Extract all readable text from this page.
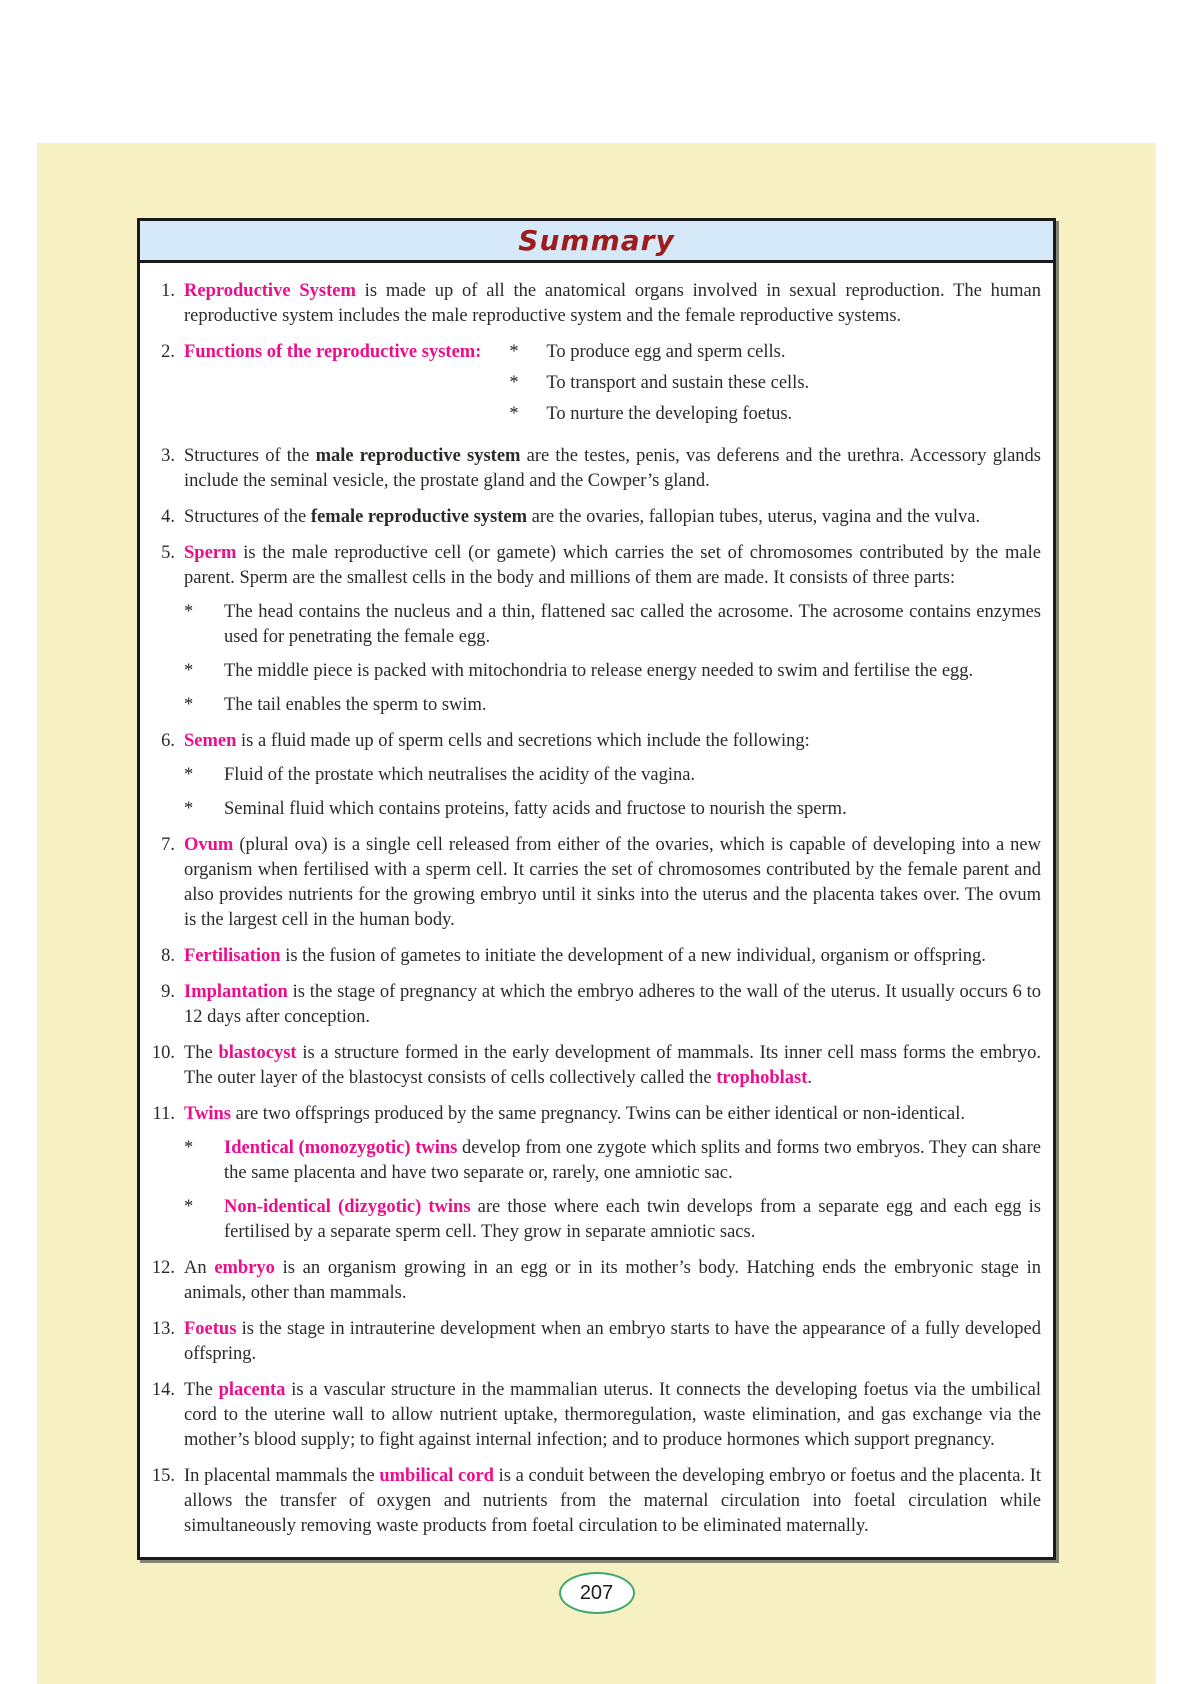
Summary
1. Reproductive System is made up of all the anatomical organs involved in sexual reproduction. The human reproductive system includes the male reproductive system and the female reproductive systems.
2. Functions of the reproductive system: *	To produce egg and sperm cells.
*	To transport and sustain these cells.
*	To nurture the developing foetus.
3. Structures of the male reproductive system are the testes, penis, vas deferens and the urethra. Accessory glands include the seminal vesicle, the prostate gland and the Cowper’s gland.
4. Structures of the female reproductive system are the ovaries, fallopian tubes, uterus, vagina and the vulva.
5. Sperm is the male reproductive cell (or gamete) which carries the set of chromosomes contributed by the male parent. Sperm are the smallest cells in the body and millions of them are made. It consists of three parts:
*	The head contains the nucleus and a thin, flattened sac called the acrosome. The acrosome contains enzymes used for penetrating the female egg.
*	The middle piece is packed with mitochondria to release energy needed to swim and fertilise the egg.
*	The tail enables the sperm to swim.
6. Semen is a fluid made up of sperm cells and secretions which include the following:
*	Fluid of the prostate which neutralises the acidity of the vagina.
*	Seminal fluid which contains proteins, fatty acids and fructose to nourish the sperm.
7. Ovum (plural ova) is a single cell released from either of the ovaries, which is capable of developing into a new organism when fertilised with a sperm cell. It carries the set of chromosomes contributed by the female parent and also provides nutrients for the growing embryo until it sinks into the uterus and the placenta takes over. The ovum is the largest cell in the human body.
8. Fertilisation is the fusion of gametes to initiate the development of a new individual, organism or offspring.
9. Implantation is the stage of pregnancy at which the embryo adheres to the wall of the uterus. It usually occurs 6 to 12 days after conception.
10. The blastocyst is a structure formed in the early development of mammals. Its inner cell mass forms the embryo. The outer layer of the blastocyst consists of cells collectively called the trophoblast.
11. Twins are two offsprings produced by the same pregnancy. Twins can be either identical or non-identical.
*	Identical (monozygotic) twins develop from one zygote which splits and forms two embryos. They can share the same placenta and have two separate or, rarely, one amniotic sac.
*	Non-identical (dizygotic) twins are those where each twin develops from a separate egg and each egg is fertilised by a separate sperm cell. They grow in separate amniotic sacs.
12. An embryo is an organism growing in an egg or in its mother’s body. Hatching ends the embryonic stage in animals, other than mammals.
13. Foetus is the stage in intrauterine development when an embryo starts to have the appearance of a fully developed offspring.
14. The placenta is a vascular structure in the mammalian uterus. It connects the developing foetus via the umbilical cord to the uterine wall to allow nutrient uptake, thermoregulation, waste elimination, and gas exchange via the mother’s blood supply; to fight against internal infection; and to produce hormones which support pregnancy.
15. In placental mammals the umbilical cord is a conduit between the developing embryo or foetus and the placenta. It allows the transfer of oxygen and nutrients from the maternal circulation into foetal circulation while simultaneously removing waste products from foetal circulation to be eliminated maternally.
207
